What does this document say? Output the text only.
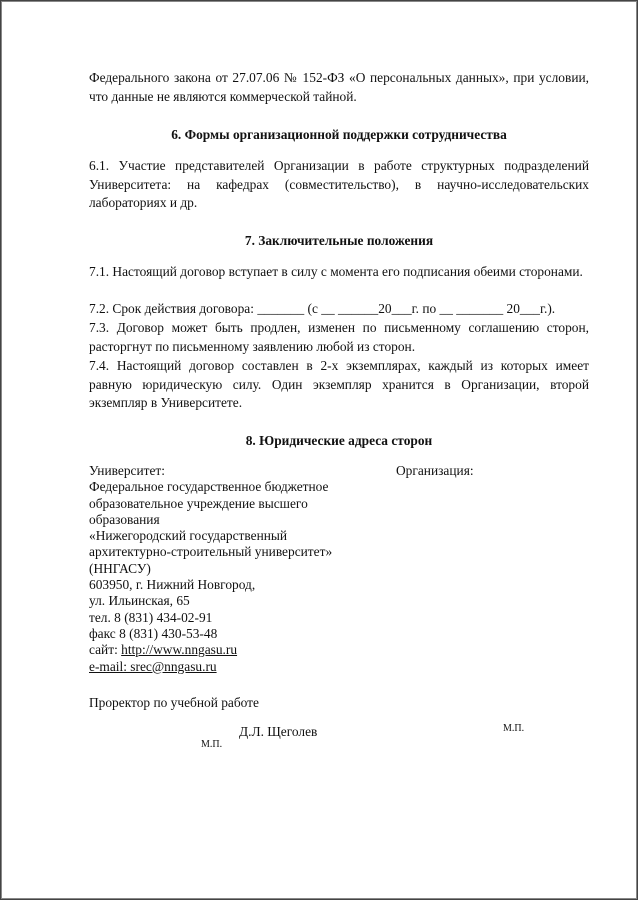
Федерального закона от 27.07.06 № 152-ФЗ «О персональных данных», при условии, что данные не являются коммерческой тайной.

6. Формы организационной поддержки сотрудничества

6.1. Участие представителей Организации в работе структурных подразделений Университета: на кафедрах (совместительство), в научно-исследовательских лабораториях и др.

7. Заключительные положения

7.1. Настоящий договор вступает в силу с момента его подписания обеими сторонами.

7.2. Срок действия договора: _______ (с __ ______20___г. по __ _______ 20___г.).

7.3. Договор может быть продлен, изменен по письменному соглашению сторон, расторгнут по письменному заявлению любой из сторон.

7.4. Настоящий договор составлен в 2-х экземплярах, каждый из которых имеет равную юридическую силу. Один экземпляр хранится в Организации, второй экземпляр в Университете.

8. Юридические адреса сторон
Университет:
Федеральное государственное бюджетное
образовательное учреждение высшего
образования
«Нижегородский государственный
архитектурно-строительный университет»
(ННГАСУ)
603950, г. Нижний Новгород,
ул. Ильинская, 65
тел. 8 (831) 434-02-91
факс 8 (831) 430-53-48
сайт: http://www.nngasu.ru
e-mail: srec@nngasu.ru
Организация:
Проректор по учебной работе
Д.Л. Щеголев
М.П.
М.П.
